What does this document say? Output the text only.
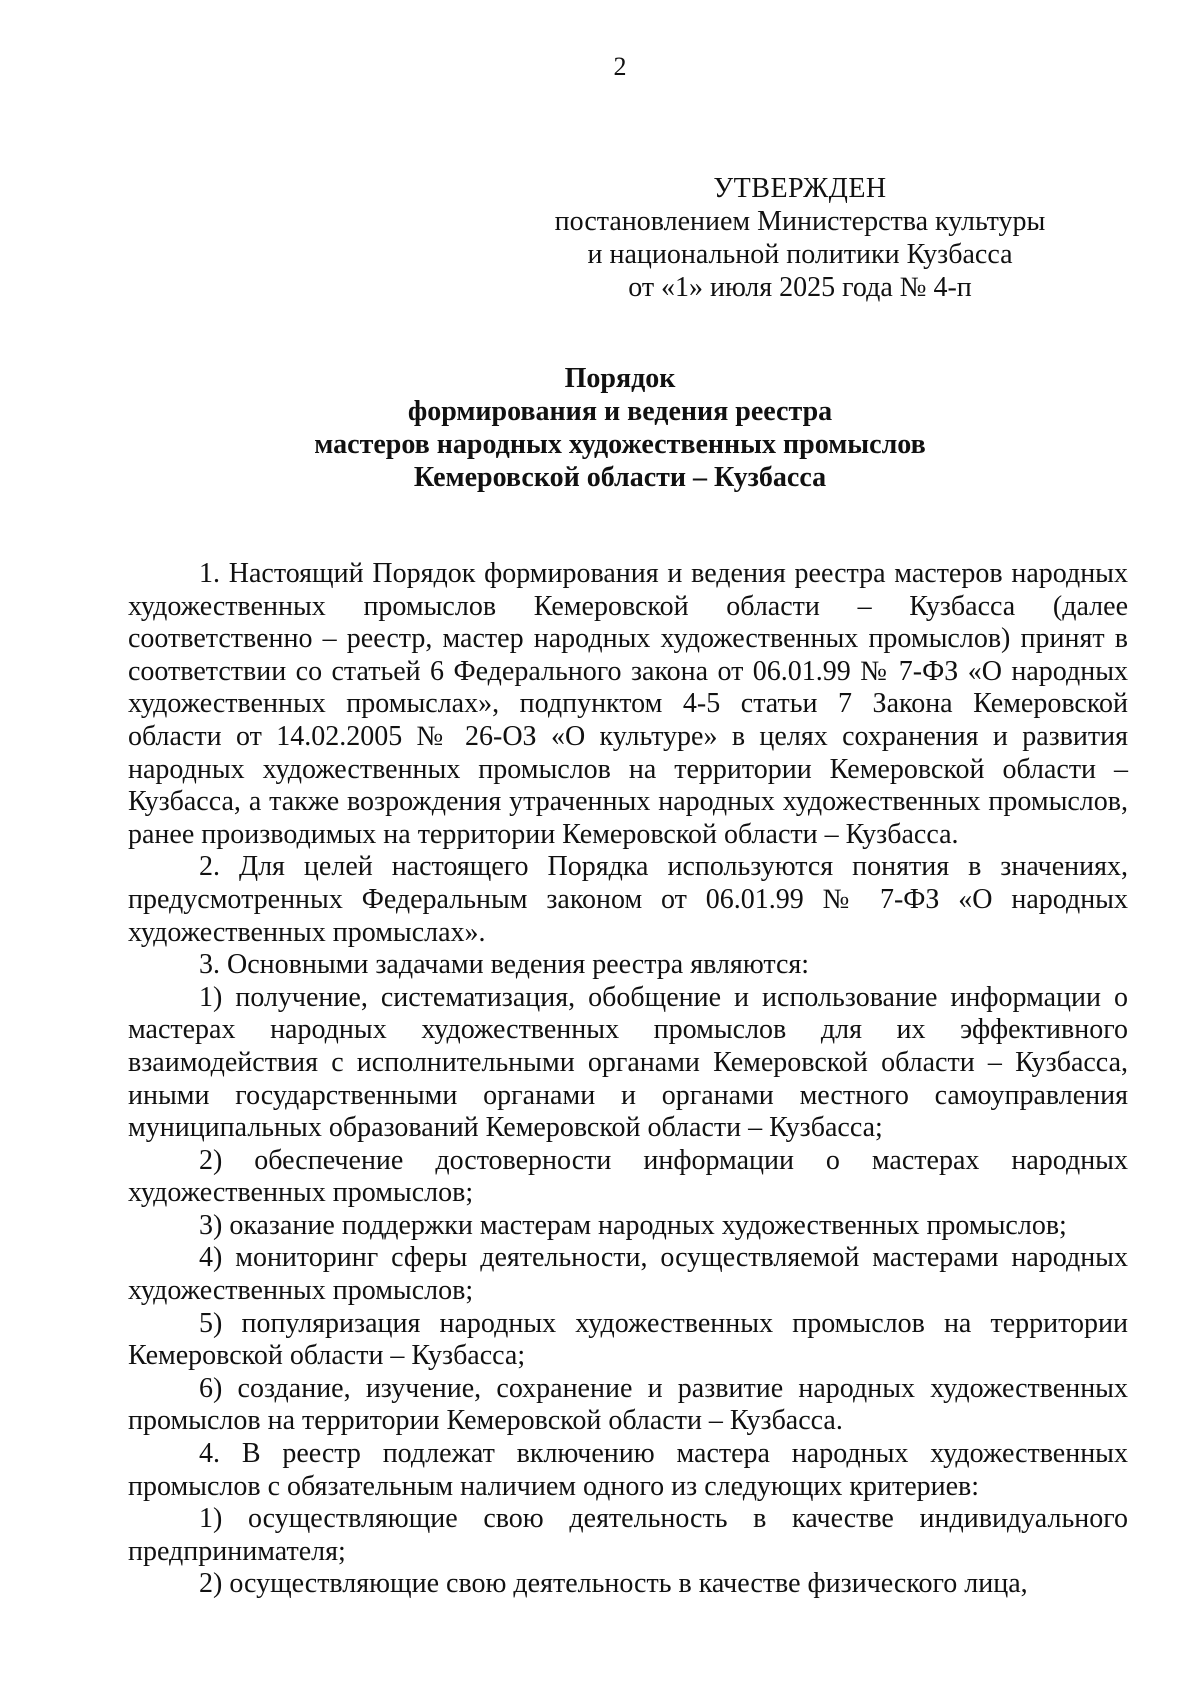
2
УТВЕРЖДЕН
постановлением Министерства культуры
и национальной политики Кузбасса
от «1» июля 2025 года № 4-п
Порядок
формирования и ведения реестра
мастеров народных художественных промыслов
Кемеровской области – Кузбасса

1. Настоящий Порядок формирования и ведения реестра мастеров народных художественных промыслов Кемеровской области – Кузбасса (далее соответственно – реестр, мастер народных художественных промыслов) принят в соответствии со статьей 6 Федерального закона от 06.01.99 № 7-ФЗ «О народных художественных промыслах», подпунктом 4-5 статьи 7 Закона Кемеровской области от 14.02.2005 № 26-ОЗ «О культуре» в целях сохранения и развития народных художественных промыслов на территории Кемеровской области – Кузбасса, а также возрождения утраченных народных художественных промыслов, ранее производимых на территории Кемеровской области – Кузбасса.

2. Для целей настоящего Порядка используются понятия в значениях, предусмотренных Федеральным законом от 06.01.99 № 7-ФЗ «О народных художественных промыслах».

3. Основными задачами ведения реестра являются:

1) получение, систематизация, обобщение и использование информации о мастерах народных художественных промыслов для их эффективного взаимодействия с исполнительными органами Кемеровской области – Кузбасса, иными государственными органами и органами местного самоуправления муниципальных образований Кемеровской области – Кузбасса;

2) обеспечение достоверности информации о мастерах народных художественных промыслов;

3) оказание поддержки мастерам народных художественных промыслов;

4) мониторинг сферы деятельности, осуществляемой мастерами народных художественных промыслов;

5) популяризация народных художественных промыслов на территории Кемеровской области – Кузбасса;

6) создание, изучение, сохранение и развитие народных художественных промыслов на территории Кемеровской области – Кузбасса.

4. В реестр подлежат включению мастера народных художественных промыслов с обязательным наличием одного из следующих критериев:

1) осуществляющие свою деятельность в качестве индивидуального предпринимателя;

2) осуществляющие свою деятельность в качестве физического лица,
